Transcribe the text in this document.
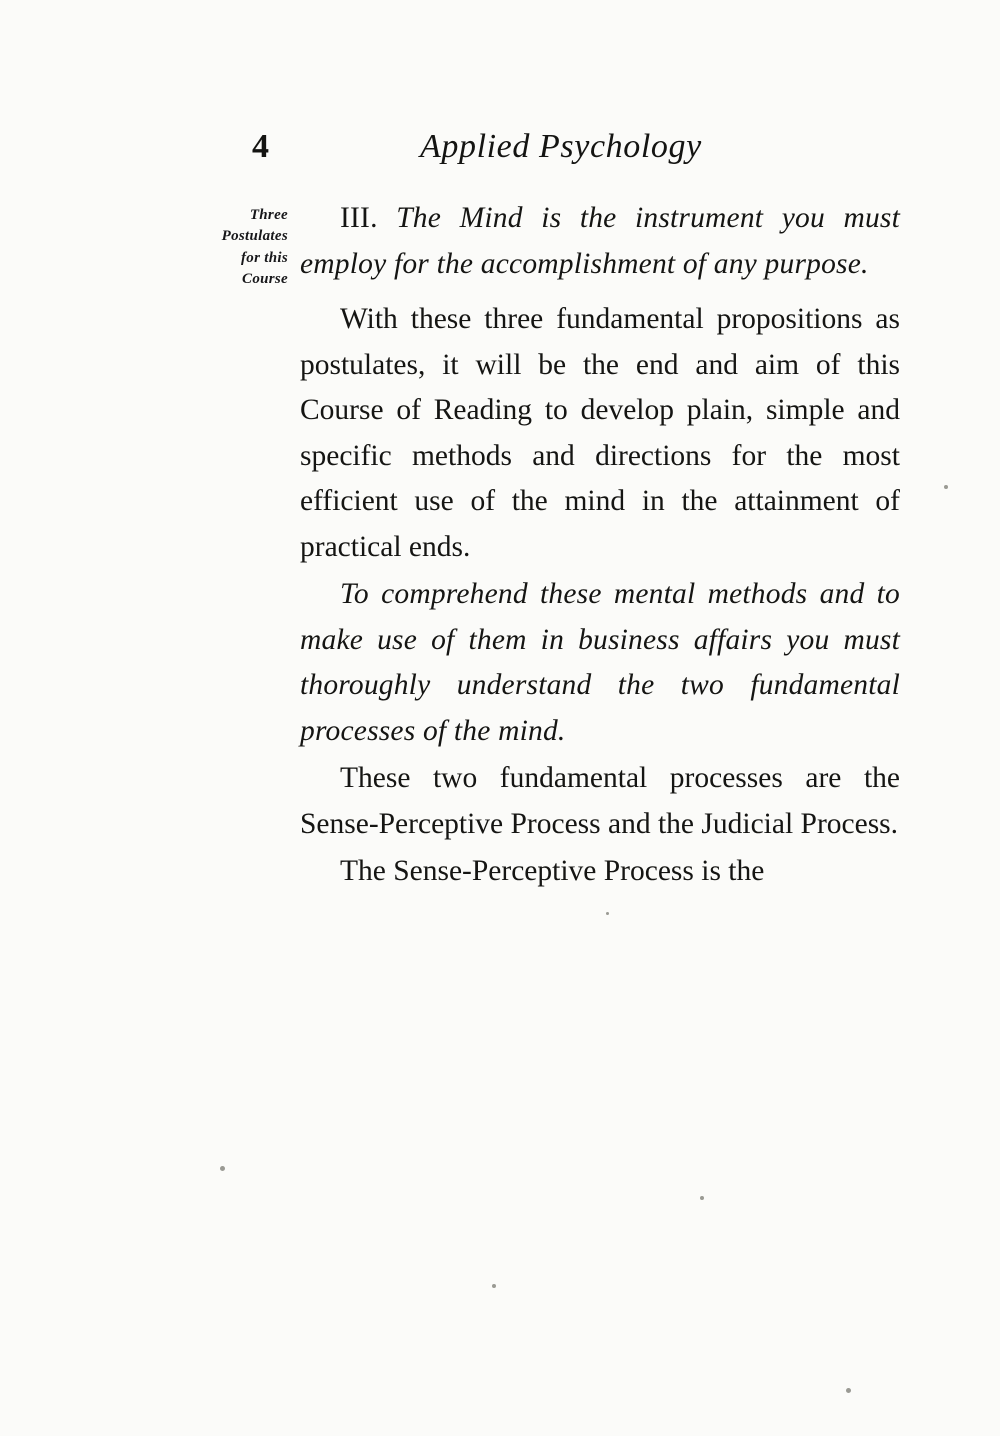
4	Applied Psychology
Three
Postulates
for this
Course

III. The Mind is the instrument you must employ for the accomplishment of any purpose.

With these three fundamental propositions as postulates, it will be the end and aim of this Course of Reading to develop plain, simple and specific methods and directions for the most efficient use of the mind in the attainment of practical ends.

To comprehend these mental methods and to make use of them in business affairs you must thoroughly understand the two fundamental processes of the mind.

These two fundamental processes are the Sense-Perceptive Process and the Judicial Process.

The Sense-Perceptive Process is the
